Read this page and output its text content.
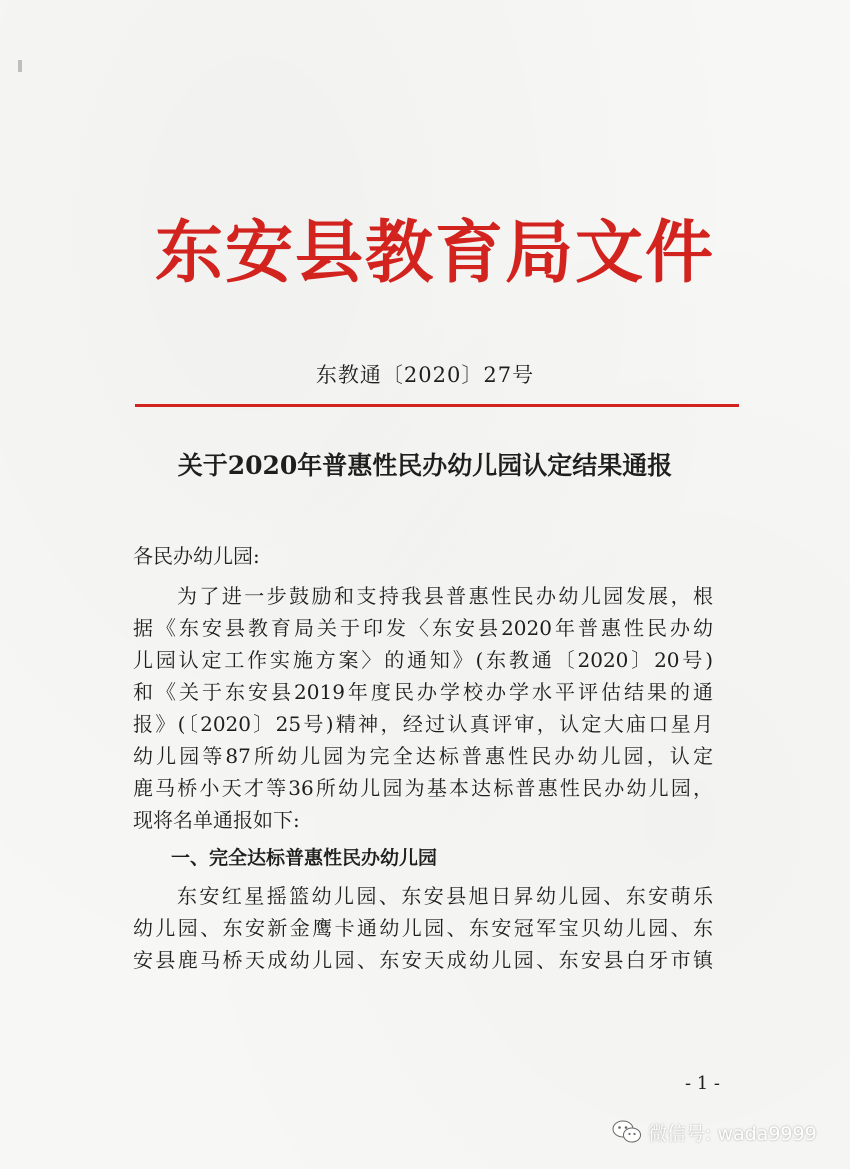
东安县教育局文件
东教通〔2020〕27号
关于2020年普惠性民办幼儿园认定结果通报
各民办幼儿园:
为了进一步鼓励和支持我县普惠性民办幼儿园发展，根
据《东安县教育局关于印发〈东安县2020年普惠性民办幼
儿园认定工作实施方案〉的通知》(东教通〔2020〕20号)
和《关于东安县2019年度民办学校办学水平评估结果的通
报》(〔2020〕25号)精神，经过认真评审，认定大庙口星月
幼儿园等87所幼儿园为完全达标普惠性民办幼儿园，认定
鹿马桥小天才等36所幼儿园为基本达标普惠性民办幼儿园，
现将名单通报如下:
一、完全达标普惠性民办幼儿园
东安红星摇篮幼儿园、东安县旭日昇幼儿园、东安萌乐
幼儿园、东安新金鹰卡通幼儿园、东安冠军宝贝幼儿园、东
安县鹿马桥天成幼儿园、东安天成幼儿园、东安县白牙市镇
- 1 -
微信号: wada9999
